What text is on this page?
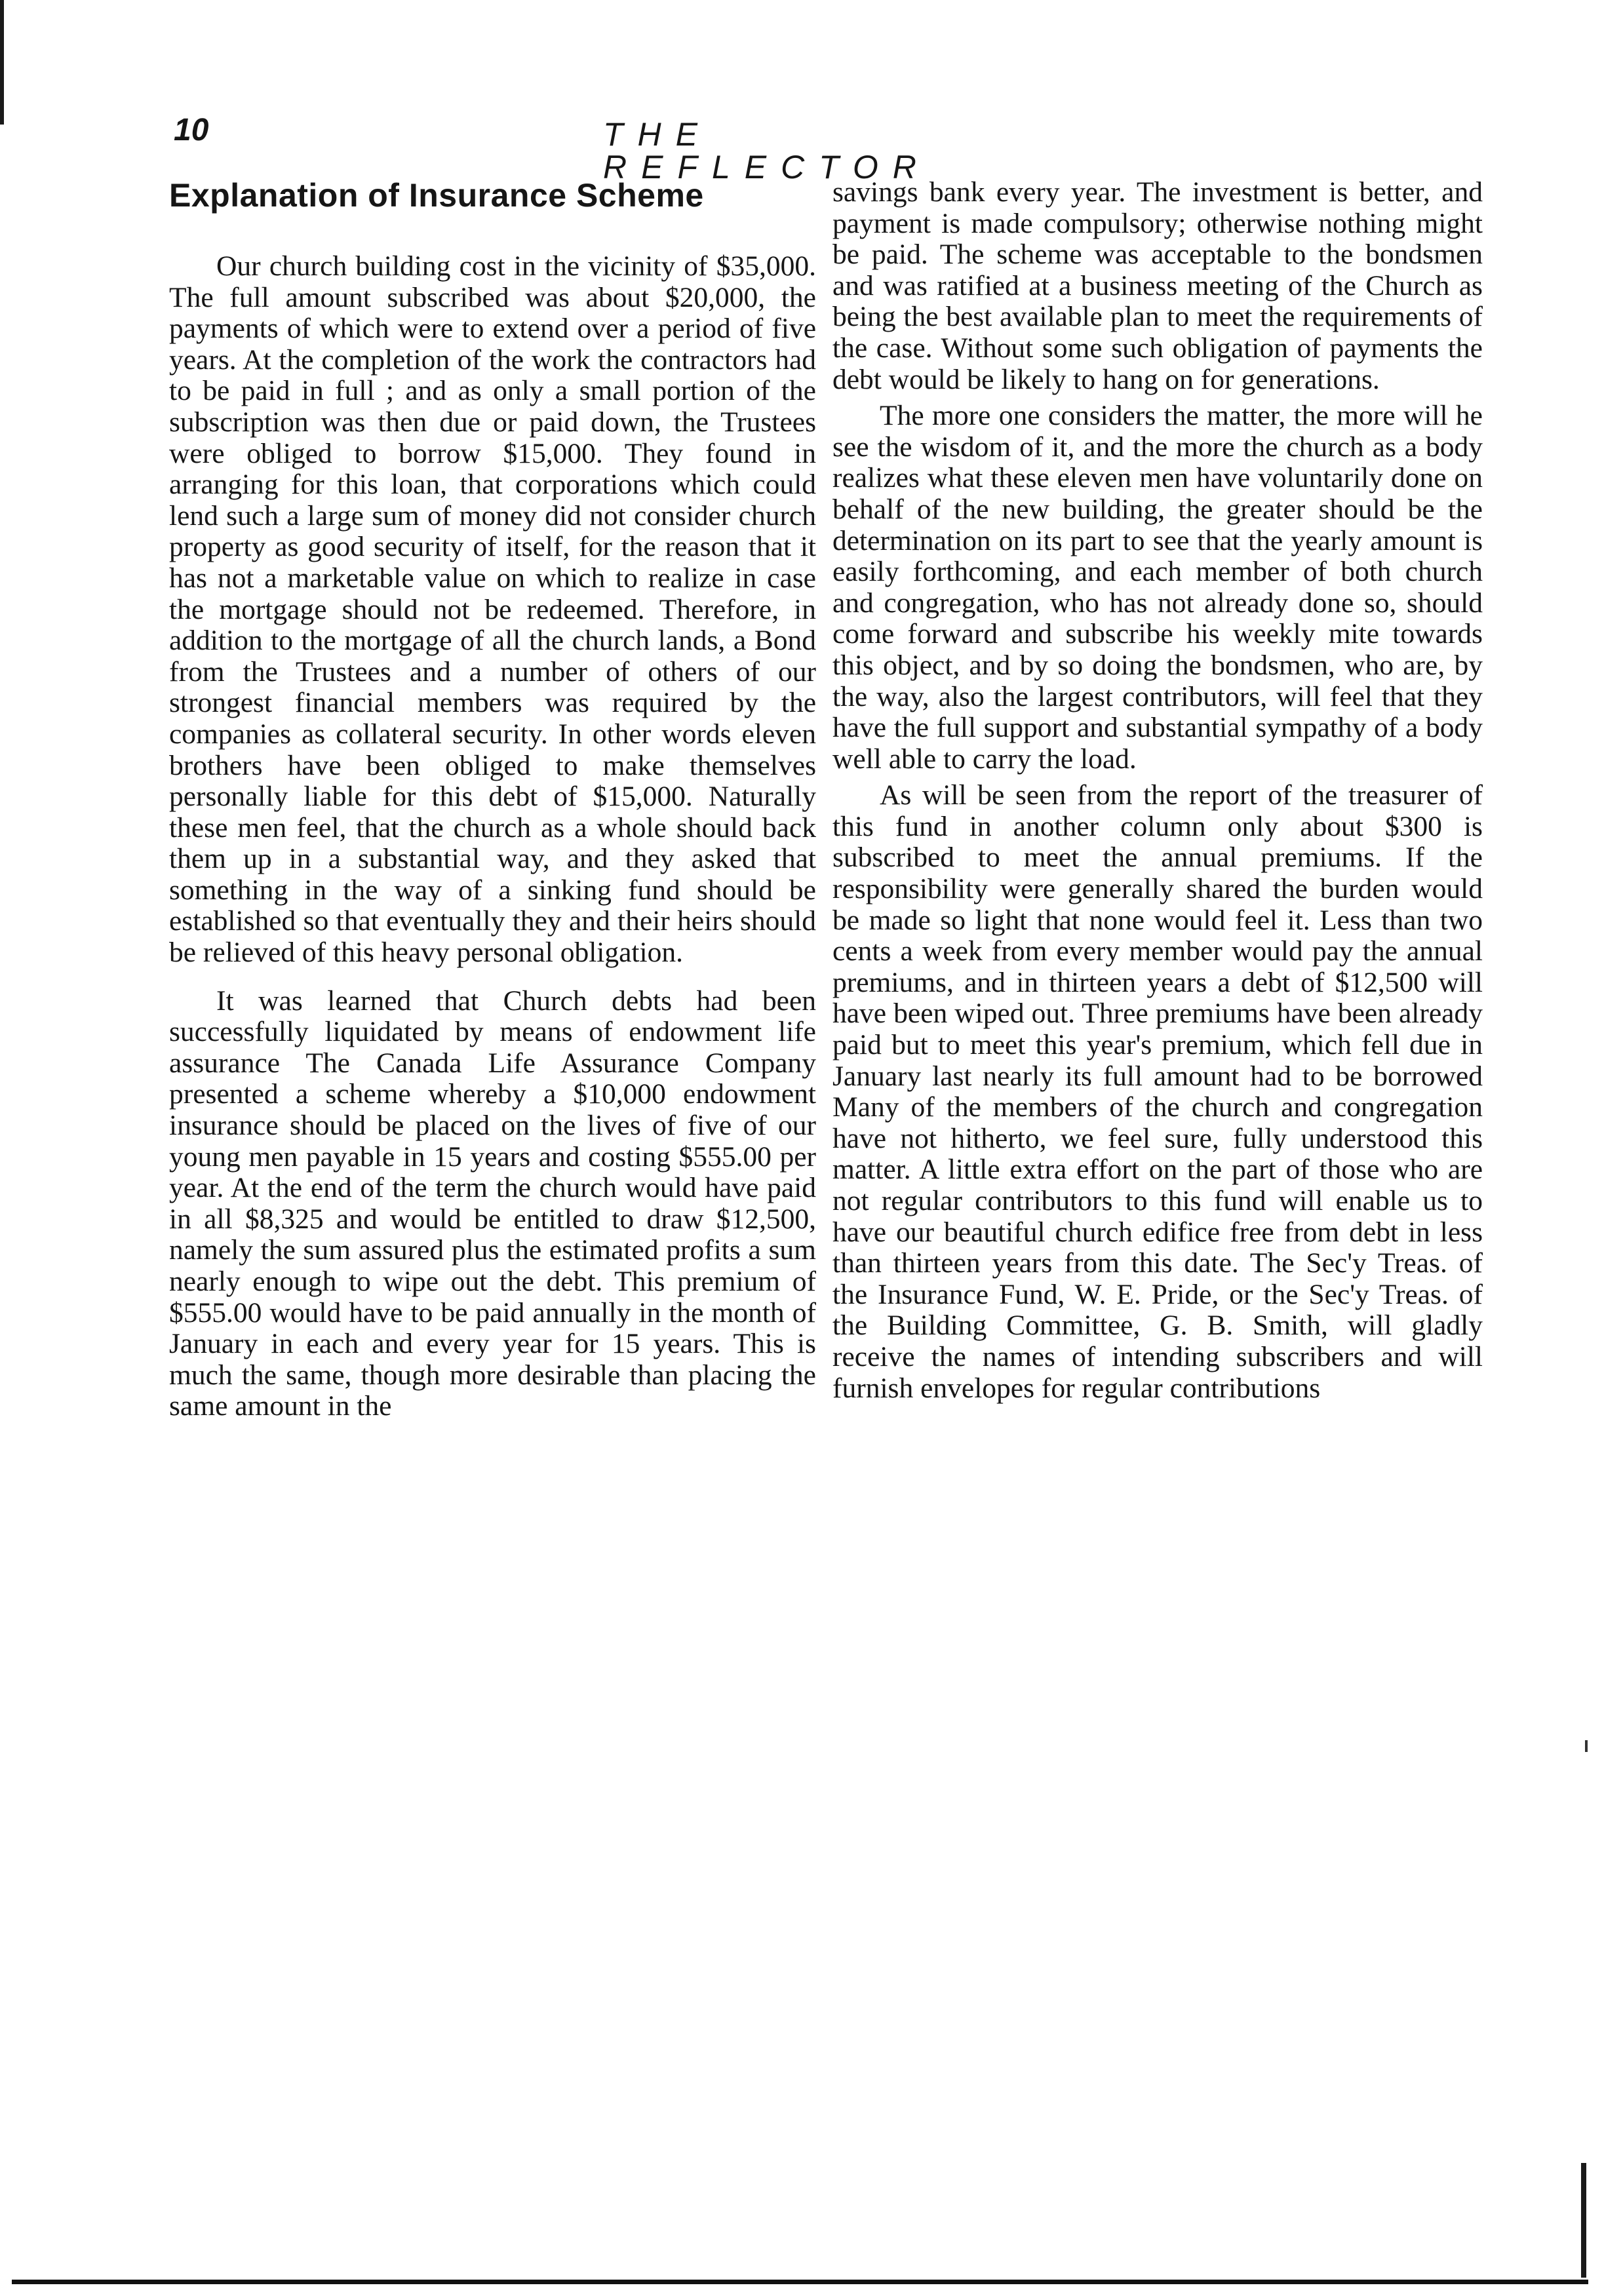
10	THE REFLECTOR
Explanation of Insurance Scheme

Our church building cost in the vicinity of $35,000. The full amount subscribed was about $20,000, the payments of which were to extend over a period of five years. At the completion of the work the contractors had to be paid in full ; and as only a small portion of the subscription was then due or paid down, the Trustees were obliged to borrow $15,000. They found in arranging for this loan, that corporations which could lend such a large sum of money did not consider church property as good security of itself, for the reason that it has not a marketable value on which to realize in case the mortgage should not be redeemed. Therefore, in addition to the mortgage of all the church lands, a Bond from the Trustees and a number of others of our strongest financial members was required by the companies as collateral security. In other words eleven brothers have been obliged to make themselves personally liable for this debt of $15,000. Naturally these men feel, that the church as a whole should back them up in a substantial way, and they asked that something in the way of a sinking fund should be established so that eventually they and their heirs should be relieved of this heavy personal obligation.

It was learned that Church debts had been successfully liquidated by means of endowment life assurance The Canada Life Assurance Company presented a scheme whereby a $10,000 endowment insurance should be placed on the lives of five of our young men payable in 15 years and costing $555.00 per year. At the end of the term the church would have paid in all $8,325 and would be entitled to draw $12,500, namely the sum assured plus the estimated profits a sum nearly enough to wipe out the debt. This premium of $555.00 would have to be paid annually in the month of January in each and every year for 15 years. This is much the same, though more desirable than placing the same amount in the

savings bank every year. The investment is better, and payment is made compulsory; otherwise nothing might be paid. The scheme was acceptable to the bondsmen and was ratified at a business meeting of the Church as being the best available plan to meet the requirements of the case. Without some such obligation of payments the debt would be likely to hang on for generations.

The more one considers the matter, the more will he see the wisdom of it, and the more the church as a body realizes what these eleven men have voluntarily done on behalf of the new building, the greater should be the determination on its part to see that the yearly amount is easily forthcoming, and each member of both church and congregation, who has not already done so, should come forward and subscribe his weekly mite towards this object, and by so doing the bondsmen, who are, by the way, also the largest contributors, will feel that they have the full support and substantial sympathy of a body well able to carry the load.

As will be seen from the report of the treasurer of this fund in another column only about $300 is subscribed to meet the annual premiums. If the responsibility were generally shared the burden would be made so light that none would feel it. Less than two cents a week from every member would pay the annual premiums, and in thirteen years a debt of $12,500 will have been wiped out. Three premiums have been already paid but to meet this year's premium, which fell due in January last nearly its full amount had to be borrowed Many of the members of the church and congregation have not hitherto, we feel sure, fully understood this matter. A little extra effort on the part of those who are not regular contributors to this fund will enable us to have our beautiful church edifice free from debt in less than thirteen years from this date. The Sec'y Treas. of the Insurance Fund, W. E. Pride, or the Sec'y Treas. of the Building Committee, G. B. Smith, will gladly receive the names of intending subscribers and will furnish envelopes for regular contributions
